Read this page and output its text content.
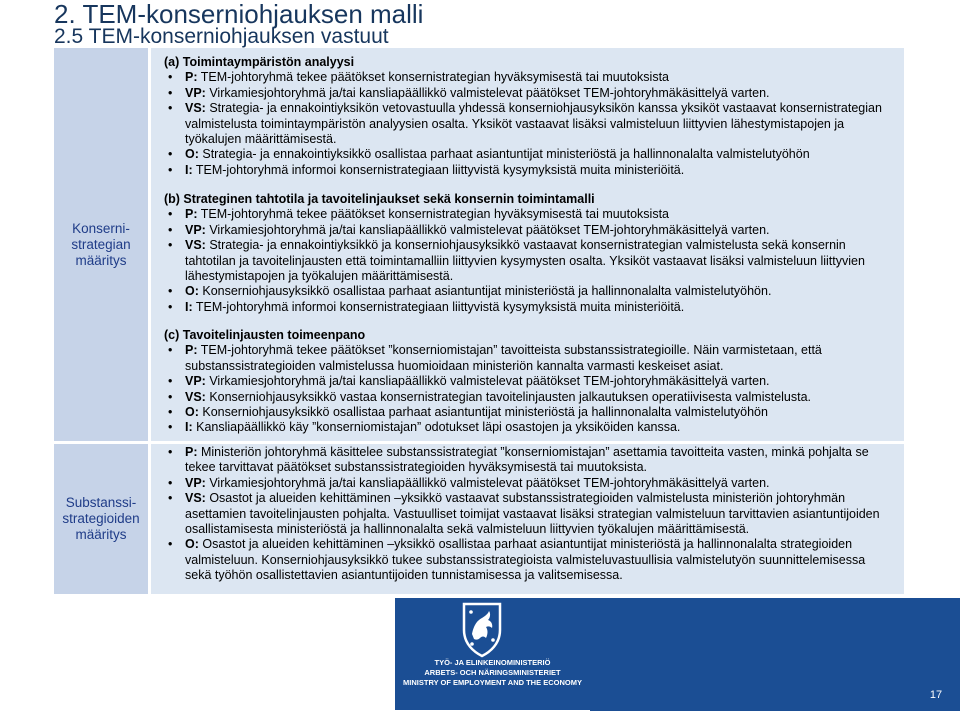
2. TEM-konserniohjauksen malli
2.5 TEM-konserniohjauksen vastuut
Konserni-
strategian
määritys
Substanssi-
strategioiden
määritys
(a) Toimintaympäristön analyysi
• P: TEM-johtoryhmä tekee päätökset konsernistrategian hyväksymisestä tai muutoksista
• VP: Virkamiesjohtoryhmä ja/tai kansliapäällikkö valmistelevat päätökset TEM-johtoryhmäkäsittelyä varten.
• VS: Strategia- ja ennakointiyksikön vetovastuulla yhdessä konserniohjausyksikön kanssa yksiköt vastaavat konsernistrategian valmistelusta toimintaympäristön analyysien osalta. Yksiköt vastaavat lisäksi valmisteluun liittyvien lähestymistapojen ja työkalujen määrittämisestä.
• O: Strategia- ja ennakointiyksikkö osallistaa parhaat asiantuntijat ministeriöstä ja hallinnonalalta valmistelutyöhön
• I: TEM-johtoryhmä informoi konsernistrategiaan liittyvistä kysymyksistä muita ministeriöitä.
(b) Strateginen tahtotila ja tavoitelinjaukset sekä konsernin toimintamalli
• P: TEM-johtoryhmä tekee päätökset konsernistrategian hyväksymisestä tai muutoksista
• VP: Virkamiesjohtoryhmä ja/tai kansliapäällikkö valmistelevat päätökset TEM-johtoryhmäkäsittelyä varten.
• VS: Strategia- ja ennakointiyksikkö ja konserniohjausyksikkö vastaavat konsernistrategian valmistelusta sekä konsernin tahtotilan ja tavoitelinjausten että toimintamalliin liittyvien kysymysten osalta. Yksiköt vastaavat lisäksi valmisteluun liittyvien lähestymistapojen ja työkalujen määrittämisestä.
• O: Konserniohjausyksikkö osallistaa parhaat asiantuntijat ministeriöstä ja hallinnonalalta valmistelutyöhön.
• I: TEM-johtoryhmä informoi konsernistrategiaan liittyvistä kysymyksistä muita ministeriöitä.
(c) Tavoitelinjausten toimeenpano
• P: TEM-johtoryhmä tekee päätökset ”konserniomistajan” tavoitteista substanssistrategioille. Näin varmistetaan, että substanssistrategioiden valmistelussa huomioidaan ministeriön kannalta varmasti keskeiset asiat.
• VP: Virkamiesjohtoryhmä ja/tai kansliapäällikkö valmistelevat päätökset TEM-johtoryhmäkäsittelyä varten.
• VS: Konserniohjausyksikkö vastaa konsernistrategian tavoitelinjausten jalkautuksen operatiivisesta valmistelusta.
• O: Konserniohjausyksikkö osallistaa parhaat asiantuntijat ministeriöstä ja hallinnonalalta valmistelutyöhön
• I: Kansliapäällikkö käy ”konserniomistajan” odotukset läpi osastojen ja yksiköiden kanssa.
• P: Ministeriön johtoryhmä käsittelee substanssistrategiat ”konserniomistajan” asettamia tavoitteita vasten, minkä pohjalta se tekee tarvittavat päätökset substanssistrategioiden hyväksymisestä tai muutoksista.
• VP: Virkamiesjohtoryhmä ja/tai kansliapäällikkö valmistelevat päätökset TEM-johtoryhmäkäsittelyä varten.
• VS: Osastot ja alueiden kehittäminen –yksikkö vastaavat substanssistrategioiden valmistelusta ministeriön johtoryhmän asettamien tavoitelinjausten pohjalta. Vastuulliset toimijat vastaavat lisäksi strategian valmisteluun tarvittavien asiantuntijoiden osallistamisesta ministeriöstä ja hallinnonalalta sekä valmisteluun liittyvien työkalujen määrittämisestä.
• O: Osastot ja alueiden kehittäminen –yksikkö osallistaa parhaat asiantuntijat ministeriöstä ja hallinnonalalta strategioiden valmisteluun. Konserniohjausyksikkö tukee substanssistrategioista valmisteluvastuullisia valmistelutyön suunnittelemisessa sekä työhön osallistettavien asiantuntijoiden tunnistamisessa ja valitsemisessa.
TYÖ- JA ELINKEINOMINISTERIÖ
ARBETS- OCH NÄRINGSMINISTERIET
MINISTRY OF EMPLOYMENT AND THE ECONOMY
17
